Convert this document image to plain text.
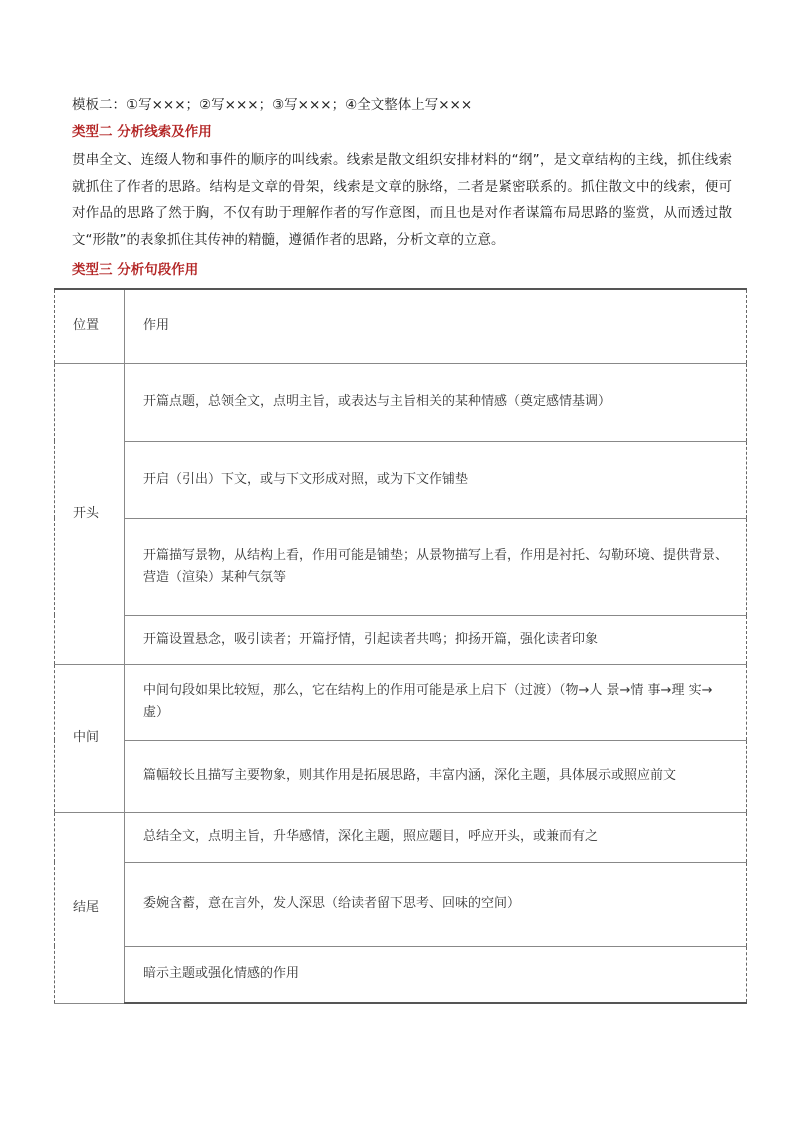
模板二：①写×××；②写×××；③写×××；④全文整体上写×××
类型二 分析线索及作用
贯串全文、连缀人物和事件的顺序的叫线索。线索是散文组织安排材料的“纲”，是文章结构的主线，抓住线索就抓住了作者的思路。结构是文章的骨架，线索是文章的脉络，二者是紧密联系的。抓住散文中的线索，便可对作品的思路了然于胸，不仅有助于理解作者的写作意图，而且也是对作者谋篇布局思路的鉴赏，从而透过散文“形散”的表象抓住其传神的精髓，遵循作者的思路，分析文章的立意。
类型三 分析句段作用
位置	作用
开头	开篇点题，总领全文，点明主旨，或表达与主旨相关的某种情感（奠定感情基调）
	开启（引出）下文，或与下文形成对照，或为下文作铺垫
	开篇描写景物，从结构上看，作用可能是铺垫；从景物描写上看，作用是衬托、勾勒环境、提供背景、营造（渲染）某种气氛等
	开篇设置悬念，吸引读者；开篇抒情，引起读者共鸣；抑扬开篇，强化读者印象
中间	中间句段如果比较短，那么，它在结构上的作用可能是承上启下（过渡）（物→人 景→情 事→理 实→虚）
	篇幅较长且描写主要物象，则其作用是拓展思路，丰富内涵，深化主题，具体展示或照应前文
结尾	总结全文，点明主旨，升华感情，深化主题，照应题目，呼应开头，或兼而有之
	委婉含蓄，意在言外，发人深思（给读者留下思考、回味的空间）
	暗示主题或强化情感的作用
